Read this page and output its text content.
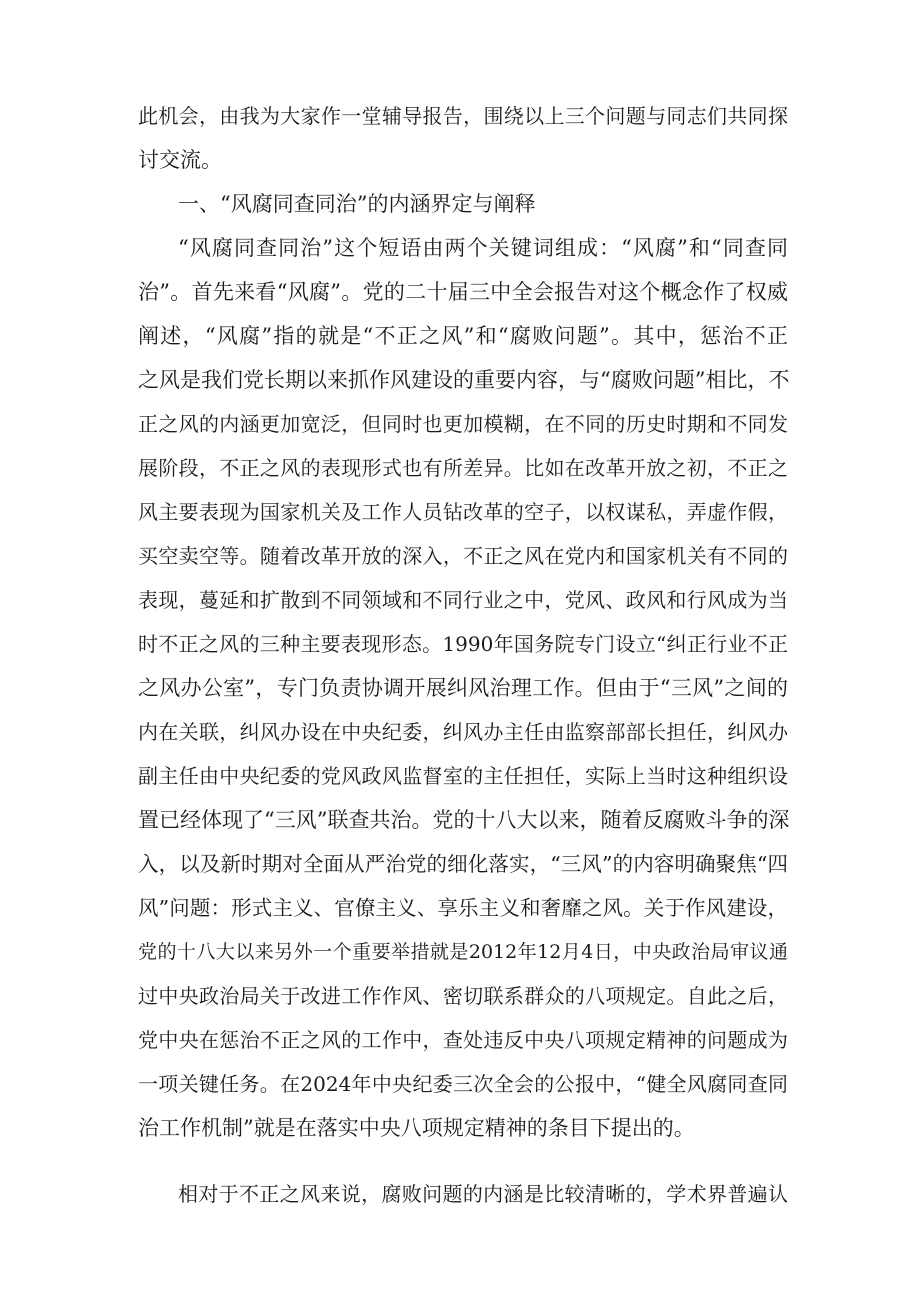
此机会，由我为大家作一堂辅导报告，围绕以上三个问题与同志们共同探
讨交流。
一、“风腐同查同治”的内涵界定与阐释
“风腐同查同治”这个短语由两个关键词组成：“风腐”和“同查同
治”。首先来看“风腐”。党的二十届三中全会报告对这个概念作了权威
阐述，“风腐”指的就是“不正之风”和“腐败问题”。其中，惩治不正
之风是我们党长期以来抓作风建设的重要内容，与“腐败问题”相比，不
正之风的内涵更加宽泛，但同时也更加模糊，在不同的历史时期和不同发
展阶段，不正之风的表现形式也有所差异。比如在改革开放之初，不正之
风主要表现为国家机关及工作人员钻改革的空子，以权谋私，弄虚作假，
买空卖空等。随着改革开放的深入，不正之风在党内和国家机关有不同的
表现，蔓延和扩散到不同领域和不同行业之中，党风、政风和行风成为当
时不正之风的三种主要表现形态。1990年国务院专门设立“纠正行业不正
之风办公室”，专门负责协调开展纠风治理工作。但由于“三风”之间的
内在关联，纠风办设在中央纪委，纠风办主任由监察部部长担任，纠风办
副主任由中央纪委的党风政风监督室的主任担任，实际上当时这种组织设
置已经体现了“三风”联查共治。党的十八大以来，随着反腐败斗争的深
入，以及新时期对全面从严治党的细化落实，“三风”的内容明确聚焦“四
风”问题：形式主义、官僚主义、享乐主义和奢靡之风。关于作风建设，
党的十八大以来另外一个重要举措就是2012年12月4日，中央政治局审议通
过中央政治局关于改进工作作风、密切联系群众的八项规定。自此之后，
党中央在惩治不正之风的工作中，查处违反中央八项规定精神的问题成为
一项关键任务。在2024年中央纪委三次全会的公报中，“健全风腐同查同
治工作机制”就是在落实中央八项规定精神的条目下提出的。
相对于不正之风来说，腐败问题的内涵是比较清晰的，学术界普遍认
